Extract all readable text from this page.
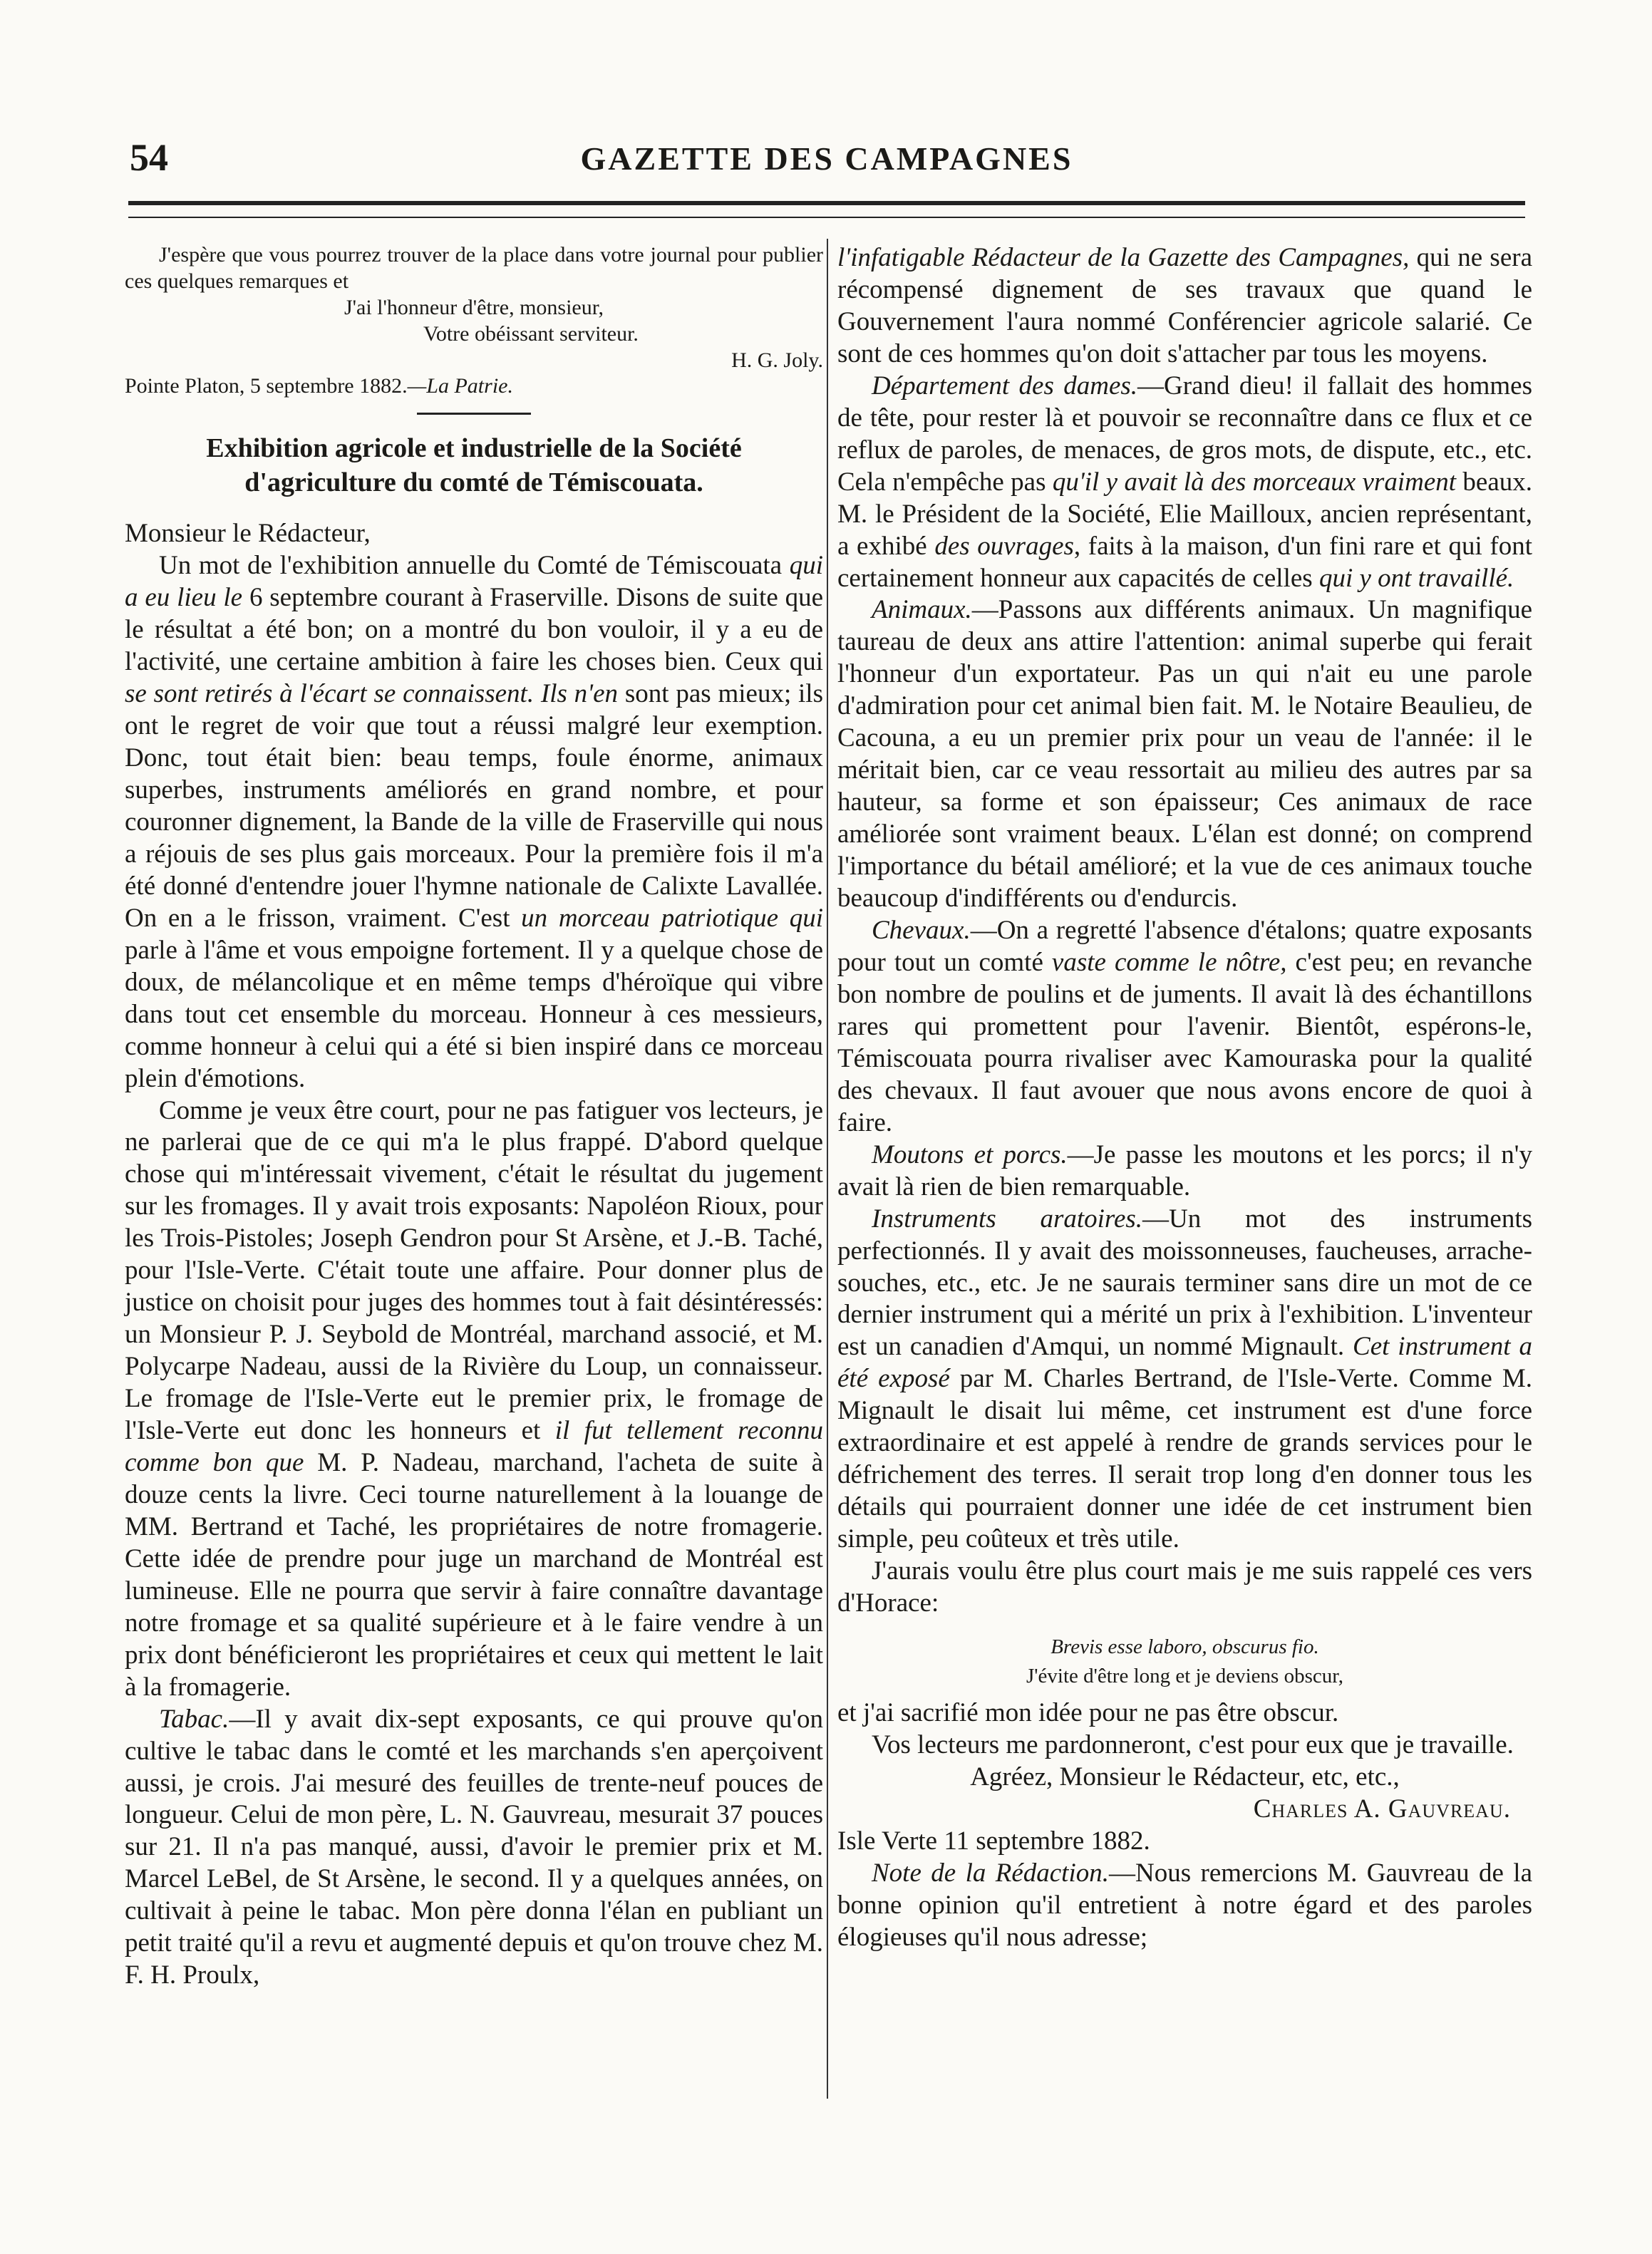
54	GAZETTE DES CAMPAGNES

J'espère que vous pourrez trouver de la place dans votre journal pour publier ces quelques remarques et

J'ai l'honneur d'être, monsieur,

Votre obéissant serviteur.

H. G. Joly.

Pointe Platon, 5 septembre 1882.—La Patrie.

Exhibition agricole et industrielle de la Société d'agriculture du comté de Témiscouata.

Monsieur le Rédacteur,

Un mot de l'exhibition annuelle du Comté de Témiscouata qui a eu lieu le 6 septembre courant à Fraserville. Disons de suite que le résultat a été bon; on a montré du bon vouloir, il y a eu de l'activité, une certaine ambition à faire les choses bien. Ceux qui se sont retirés à l'écart se connaissent. Ils n'en sont pas mieux; ils ont le regret de voir que tout a réussi malgré leur exemption. Donc, tout était bien: beau temps, foule énorme, animaux superbes, instruments améliorés en grand nombre, et pour couronner dignement, la Bande de la ville de Fraserville qui nous a réjouis de ses plus gais morceaux. Pour la première fois il m'a été donné d'entendre jouer l'hymne nationale de Calixte Lavallée. On en a le frisson, vraiment. C'est un morceau patriotique qui parle à l'âme et vous empoigne fortement. Il y a quelque chose de doux, de mélancolique et en même temps d'héroïque qui vibre dans tout cet ensemble du morceau. Honneur à ces messieurs, comme honneur à celui qui a été si bien inspiré dans ce morceau plein d'émotions.

Comme je veux être court, pour ne pas fatiguer vos lecteurs, je ne parlerai que de ce qui m'a le plus frappé. D'abord quelque chose qui m'intéressait vivement, c'était le résultat du jugement sur les fromages. Il y avait trois exposants: Napoléon Rioux, pour les Trois-Pistoles; Joseph Gendron pour St Arsène, et J.-B. Taché, pour l'Isle-Verte. C'était toute une affaire. Pour donner plus de justice on choisit pour juges des hommes tout à fait désintéressés: un Monsieur P. J. Seybold de Montréal, marchand associé, et M. Polycarpe Nadeau, aussi de la Rivière du Loup, un connaisseur. Le fromage de l'Isle-Verte eut le premier prix, le fromage de l'Isle-Verte eut donc les honneurs et il fut tellement reconnu comme bon que M. P. Nadeau, marchand, l'acheta de suite à douze cents la livre. Ceci tourne naturellement à la louange de MM. Bertrand et Taché, les propriétaires de notre fromagerie. Cette idée de prendre pour juge un marchand de Montréal est lumineuse. Elle ne pourra que servir à faire connaître davantage notre fromage et sa qualité supérieure et à le faire vendre à un prix dont bénéficieront les propriétaires et ceux qui mettent le lait à la fromagerie.

Tabac.—Il y avait dix-sept exposants, ce qui prouve qu'on cultive le tabac dans le comté et les marchands s'en aperçoivent aussi, je crois. J'ai mesuré des feuilles de trente-neuf pouces de longueur. Celui de mon père, L. N. Gauvreau, mesurait 37 pouces sur 21. Il n'a pas manqué, aussi, d'avoir le premier prix et M. Marcel LeBel, de St Arsène, le second. Il y a quelques années, on cultivait à peine le tabac. Mon père donna l'élan en publiant un petit traité qu'il a revu et augmenté depuis et qu'on trouve chez M. F. H. Proulx,

l'infatigable Rédacteur de la Gazette des Campagnes, qui ne sera récompensé dignement de ses travaux que quand le Gouvernement l'aura nommé Conférencier agricole salarié. Ce sont de ces hommes qu'on doit s'attacher par tous les moyens.

Département des dames.—Grand dieu! il fallait des hommes de tête, pour rester là et pouvoir se reconnaître dans ce flux et ce reflux de paroles, de menaces, de gros mots, de dispute, etc., etc. Cela n'empêche pas qu'il y avait là des morceaux vraiment beaux. M. le Président de la Société, Elie Mailloux, ancien représentant, a exhibé des ouvrages, faits à la maison, d'un fini rare et qui font certainement honneur aux capacités de celles qui y ont travaillé.

Animaux.—Passons aux différents animaux. Un magnifique taureau de deux ans attire l'attention: animal superbe qui ferait l'honneur d'un exportateur. Pas un qui n'ait eu une parole d'admiration pour cet animal bien fait. M. le Notaire Beaulieu, de Cacouna, a eu un premier prix pour un veau de l'année: il le méritait bien, car ce veau ressortait au milieu des autres par sa hauteur, sa forme et son épaisseur; Ces animaux de race améliorée sont vraiment beaux. L'élan est donné; on comprend l'importance du bétail amélioré; et la vue de ces animaux touche beaucoup d'indifférents ou d'endurcis.

Chevaux.—On a regretté l'absence d'étalons; quatre exposants pour tout un comté vaste comme le nôtre, c'est peu; en revanche bon nombre de poulins et de juments. Il avait là des échantillons rares qui promettent pour l'avenir. Bientôt, espérons-le, Témiscouata pourra rivaliser avec Kamouraska pour la qualité des chevaux. Il faut avouer que nous avons encore de quoi à faire.

Moutons et porcs.—Je passe les moutons et les porcs; il n'y avait là rien de bien remarquable.

Instruments aratoires.—Un mot des instruments perfectionnés. Il y avait des moissonneuses, faucheuses, arrache-souches, etc., etc. Je ne saurais terminer sans dire un mot de ce dernier instrument qui a mérité un prix à l'exhibition. L'inventeur est un canadien d'Amqui, un nommé Mignault. Cet instrument a été exposé par M. Charles Bertrand, de l'Isle-Verte. Comme M. Mignault le disait lui même, cet instrument est d'une force extraordinaire et est appelé à rendre de grands services pour le défrichement des terres. Il serait trop long d'en donner tous les détails qui pourraient donner une idée de cet instrument bien simple, peu coûteux et très utile.

J'aurais voulu être plus court mais je me suis rappelé ces vers d'Horace:

Brevis esse laboro, obscurus fio.
J'évite d'être long et je deviens obscur,

et j'ai sacrifié mon idée pour ne pas être obscur.

Vos lecteurs me pardonneront, c'est pour eux que je travaille.

Agréez, Monsieur le Rédacteur, etc, etc.,

Charles A. Gauvreau.

Isle Verte 11 septembre 1882.

Note de la Rédaction.—Nous remercions M. Gauvreau de la bonne opinion qu'il entretient à notre égard et des paroles élogieuses qu'il nous adresse;
